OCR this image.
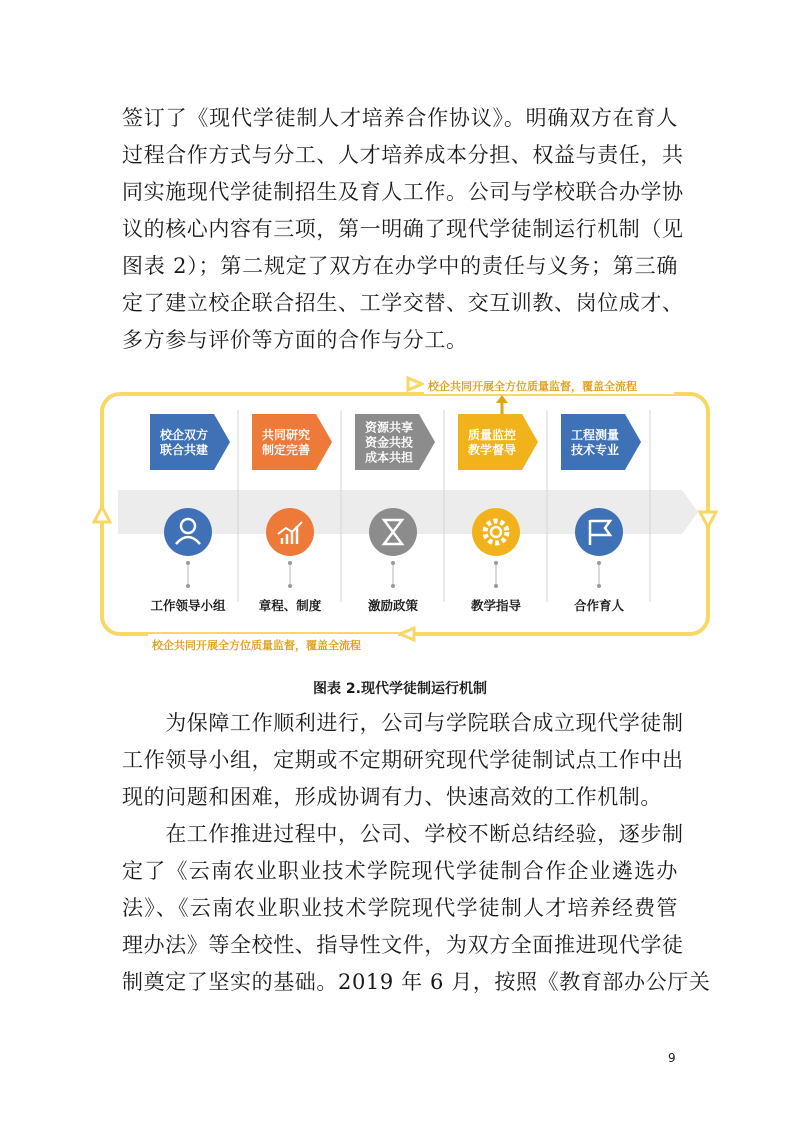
签订了《现代学徒制人才培养合作协议》。明确双方在育人
过程合作方式与分工、人才培养成本分担、权益与责任，共
同实施现代学徒制招生及育人工作。公司与学校联合办学协
议的核心内容有三项，第一明确了现代学徒制运行机制（见
图表 2）；第二规定了双方在办学中的责任与义务；第三确
定了建立校企联合招生、工学交替、交互训教、岗位成才、
多方参与评价等方面的合作与分工。
校企共同开展全方位质量监督，覆盖全流程
校企共同开展全方位质量监督，覆盖全流程
校企双方
联合共建
工作领导小组
共同研究
制定完善
章程、制度
资源共享
资金共投
成本共担
激励政策
质量监控
教学督导
教学指导
工程测量
技术专业
合作育人
图表 2.现代学徒制运行机制
　　为保障工作顺利进行，公司与学院联合成立现代学徒制
工作领导小组，定期或不定期研究现代学徒制试点工作中出
现的问题和困难，形成协调有力、快速高效的工作机制。
　　在工作推进过程中，公司、学校不断总结经验，逐步制
定了《云南农业职业技术学院现代学徒制合作企业遴选办
法》、《云南农业职业技术学院现代学徒制人才培养经费管
理办法》等全校性、指导性文件，为双方全面推进现代学徒
制奠定了坚实的基础。2019 年 6 月，按照《教育部办公厅关
9
